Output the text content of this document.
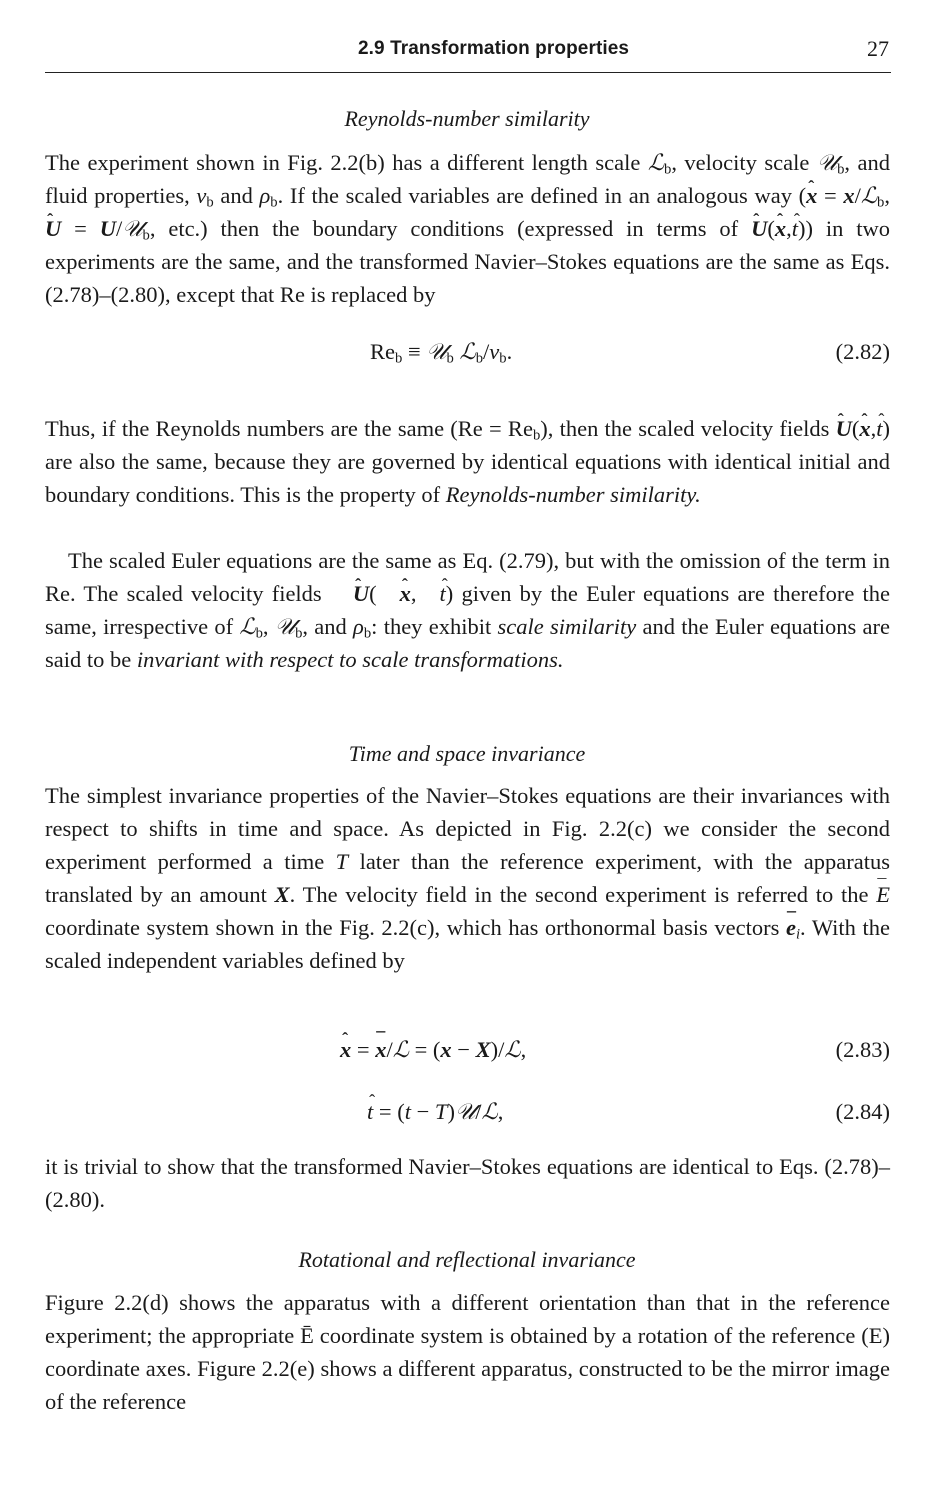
2.9 Transformation properties	27
Reynolds-number similarity

The experiment shown in Fig. 2.2(b) has a different length scale ℒ$_b$, velocity scale 𝒰$_b$, and fluid properties, $\nu_b$ and $\rho_b$. If the scaled variables are defined in an analogous way (ˆ x = x/ℒ$_b$, ˆ U = U/𝒰$_b$, etc.) then the boundary conditions (expressed in terms of ˆ U(ˆ x,ˆ t)) in two experiments are the same, and the transformed Navier–Stokes equations are the same as Eqs. (2.78)–(2.80), except that Re is replaced by

$Re_b$ ≡ 𝒰$_b$ $ℒ_b/\nu_b$.	(2.82)

Thus, if the Reynolds numbers are the same $(Re = Re_b)$, then the scaled velocity fields ˆ U(ˆ x,ˆ t) are also the same, because they are governed by identical equations with identical initial and boundary conditions. This is the property of Reynolds-number similarity.

The scaled Euler equations are the same as Eq. (2.79), but with the omission of the term in Re. The scaled velocity fields ˆ U( ˆ x, ˆ t) given by the Euler equations are therefore the same, irrespective of ℒ$_b$, 𝒰$_b$, and $\rho_b$: they exhibit scale similarity and the Euler equations are said to be invariant with respect to scale transformations.

Time and space invariance

The simplest invariance properties of the Navier–Stokes equations are their invariances with respect to shifts in time and space. As depicted in Fig. 2.2(c) we consider the second experiment performed a time T later than the reference experiment, with the apparatus translated by an amount X. The velocity field in the second experiment is referred to the ¯ E coordinate system shown in the Fig. 2.2(c), which has orthonormal basis vectors ¯ $e_i$. With the scaled independent variables defined by

ˆ x = ¯ x/ℒ = (x − X)/ℒ,	(2.83)
ˆ t = (t − T)𝒰/ℒ,	(2.84)

it is trivial to show that the transformed Navier–Stokes equations are identical to Eqs. (2.78)–(2.80).

Rotational and reflectional invariance

Figure 2.2(d) shows the apparatus with a different orientation than that in the reference experiment; the appropriate Ē coordinate system is obtained by a rotation of the reference (E) coordinate axes. Figure 2.2(e) shows a different apparatus, constructed to be the mirror image of the reference
